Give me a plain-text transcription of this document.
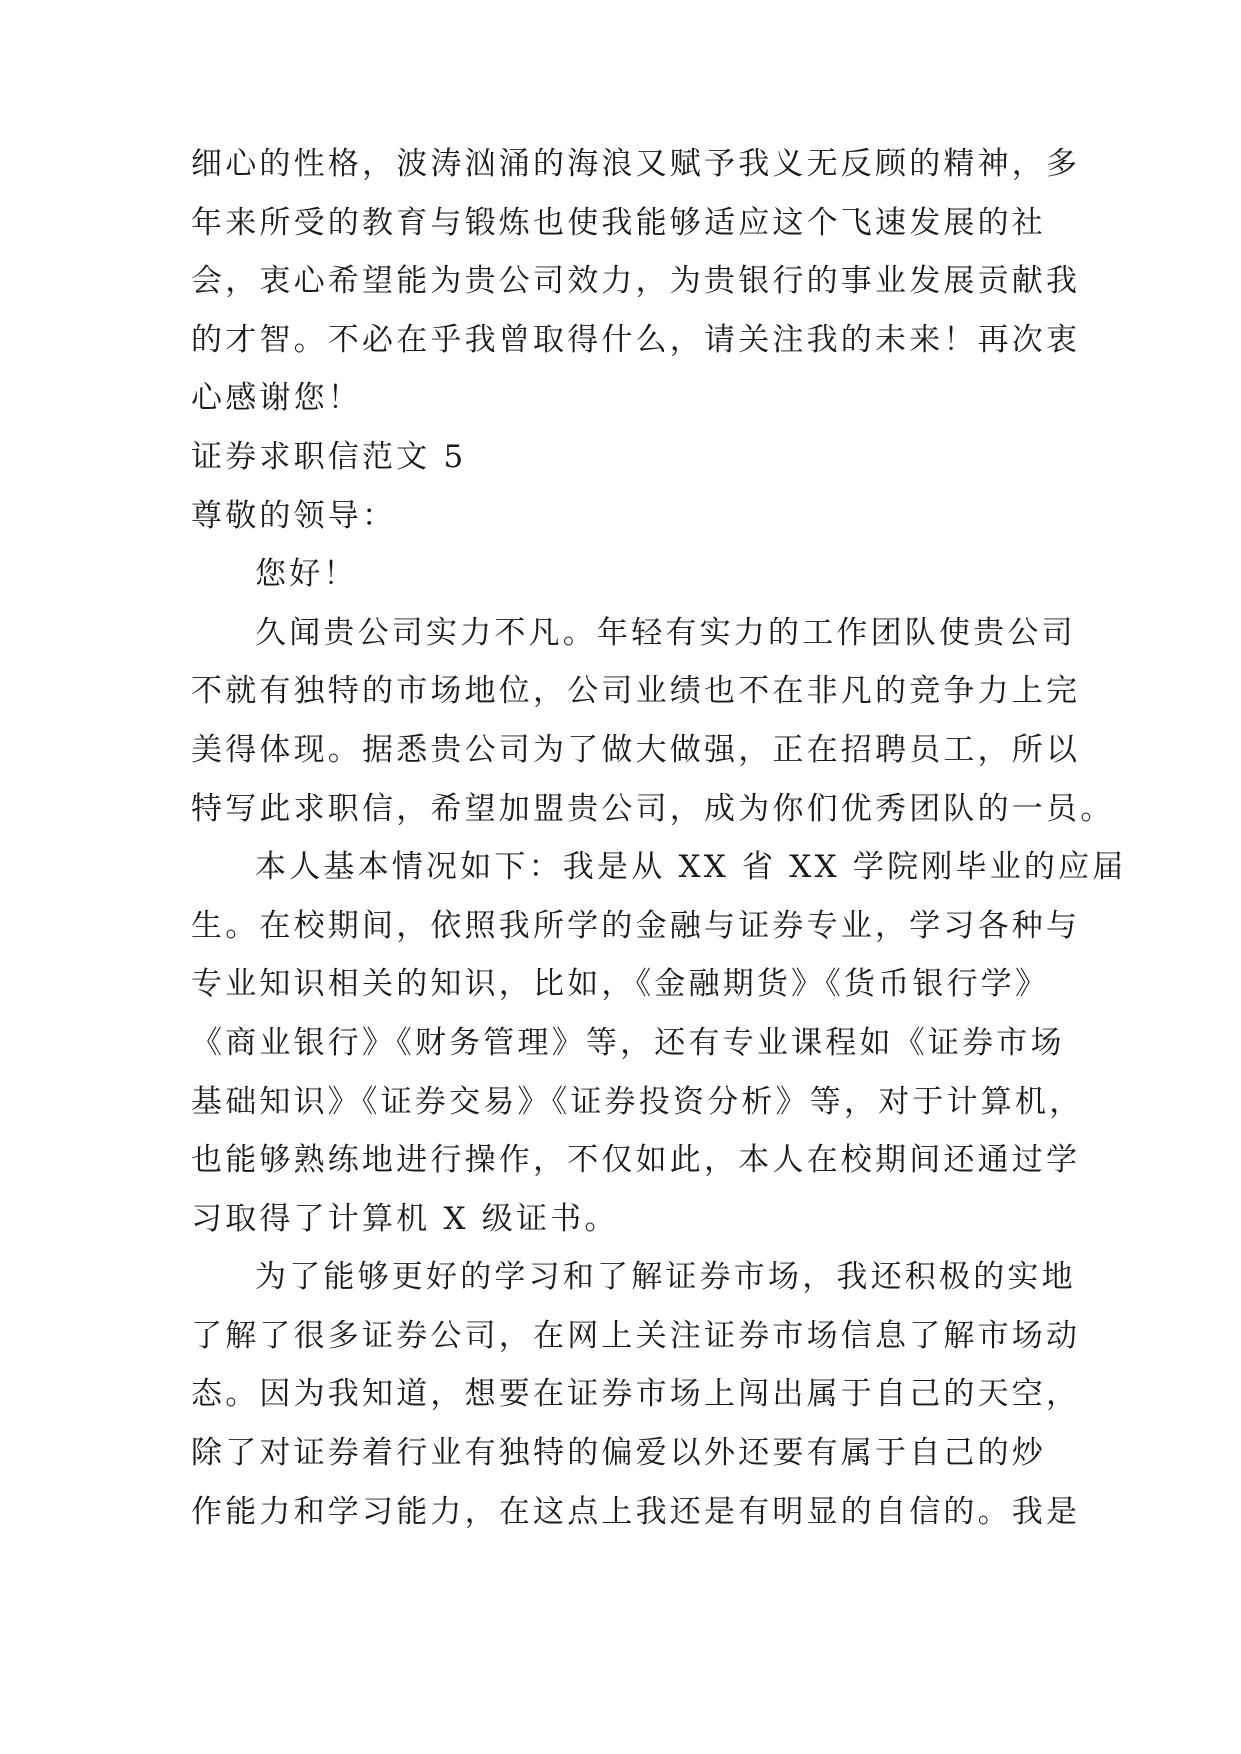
细心的性格，波涛汹涌的海浪又赋予我义无反顾的精神，多
年来所受的教育与锻炼也使我能够适应这个飞速发展的社
会，衷心希望能为贵公司效力，为贵银行的事业发展贡献我
的才智。不必在乎我曾取得什么，请关注我的未来！再次衷
心感谢您！
证券求职信范文 5
尊敬的领导：
您好！
久闻贵公司实力不凡。年轻有实力的工作团队使贵公司
不就有独特的市场地位，公司业绩也不在非凡的竞争力上完
美得体现。据悉贵公司为了做大做强，正在招聘员工，所以
特写此求职信，希望加盟贵公司，成为你们优秀团队的一员。
本人基本情况如下：我是从 XX 省 XX 学院刚毕业的应届
生。在校期间，依照我所学的金融与证券专业，学习各种与
专业知识相关的知识，比如，《金融期货》《货币银行学》
《商业银行》《财务管理》等，还有专业课程如《证券市场
基础知识》《证券交易》《证券投资分析》等，对于计算机，
也能够熟练地进行操作，不仅如此，本人在校期间还通过学
习取得了计算机 X 级证书。
为了能够更好的学习和了解证券市场，我还积极的实地
了解了很多证券公司，在网上关注证券市场信息了解市场动
态。因为我知道，想要在证券市场上闯出属于自己的天空，
除了对证券着行业有独特的偏爱以外还要有属于自己的炒
作能力和学习能力，在这点上我还是有明显的自信的。我是
